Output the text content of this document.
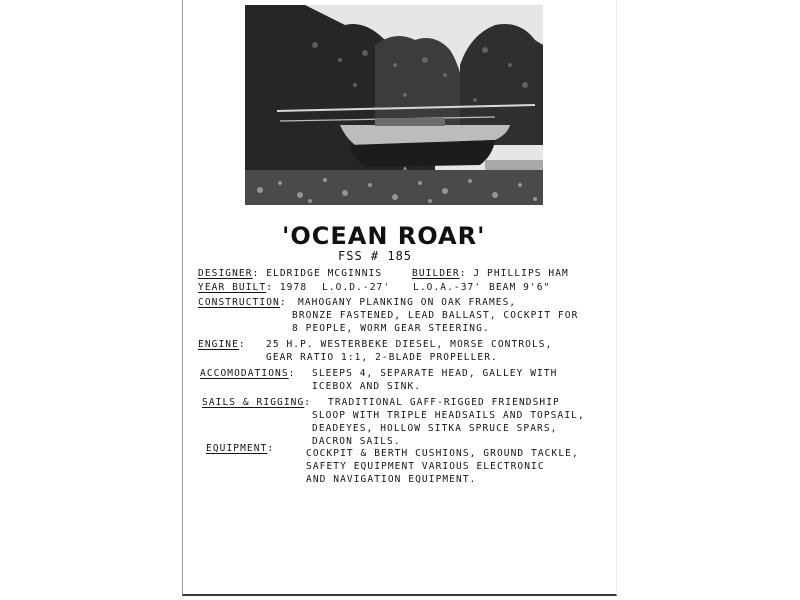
'OCEAN ROAR'
FSS # 185
DESIGNER: ELDRIDGE MCGINNIS	BUILDER: J PHILLIPS HAM
YEAR BUILT: 1978 L.O.D.-27' L.O.A.-37' BEAM 9'6"
CONSTRUCTION: MAHOGANY PLANKING ON OAK FRAMES,
BRONZE FASTENED, LEAD BALLAST, COCKPIT FOR
8 PEOPLE, WORM GEAR STEERING.
ENGINE: 25 H.P. WESTERBEKE DIESEL, MORSE CONTROLS,
GEAR RATIO 1:1, 2-BLADE PROPELLER.
ACCOMODATIONS: SLEEPS 4, SEPARATE HEAD, GALLEY WITH
ICEBOX AND SINK.
SAILS & RIGGING: TRADITIONAL GAFF-RIGGED FRIENDSHIP
SLOOP WITH TRIPLE HEADSAILS AND TOPSAIL,
DEADEYES, HOLLOW SITKA SPRUCE SPARS,
DACRON SAILS.
EQUIPMENT:	COCKPIT & BERTH CUSHIONS, GROUND TACKLE,
SAFETY EQUIPMENT VARIOUS ELECTRONIC
AND NAVIGATION EQUIPMENT.
